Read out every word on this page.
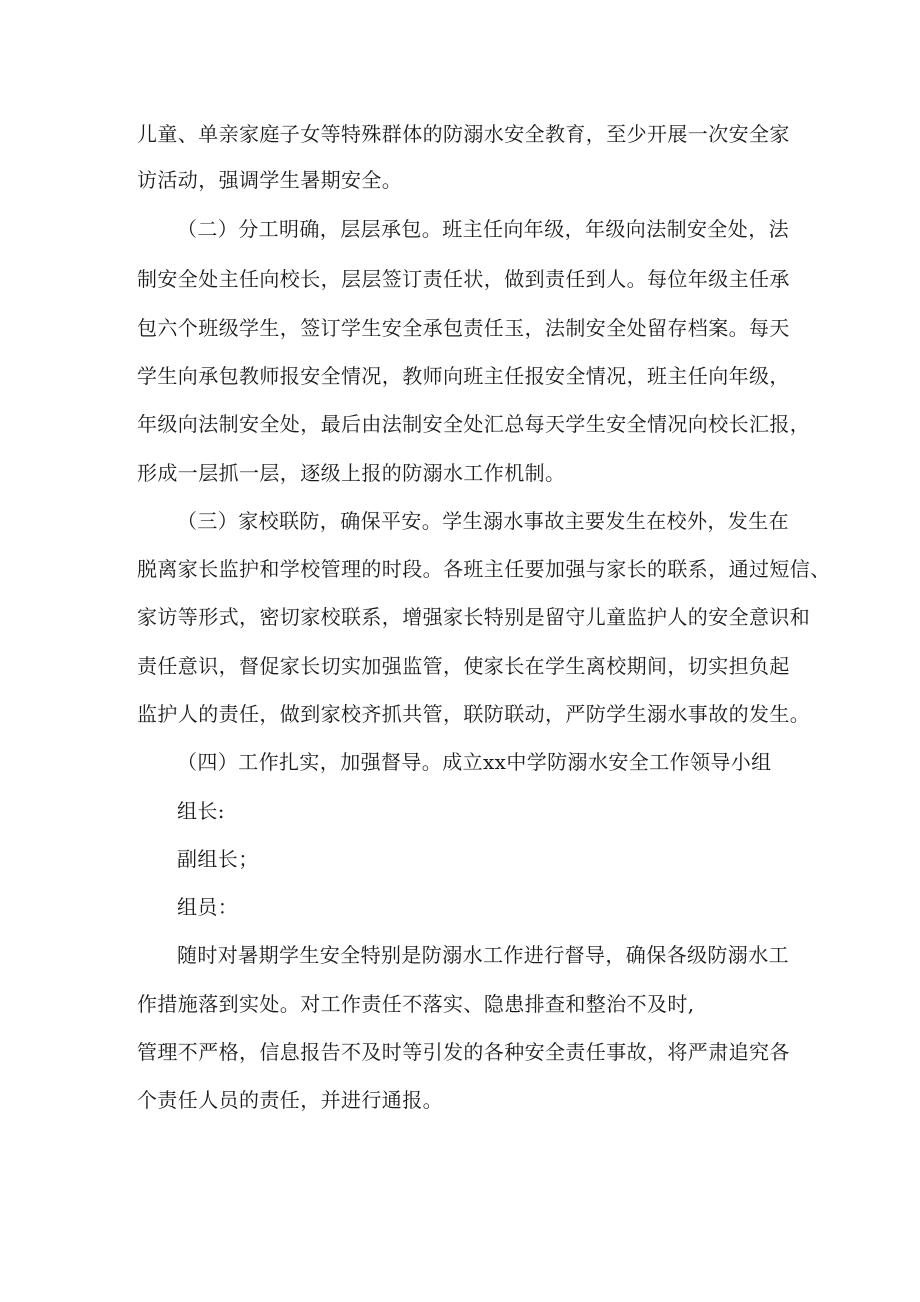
儿童、单亲家庭子女等特殊群体的防溺水安全教育，至少开展一次安全家
访活动，强调学生暑期安全。
（二）分工明确，层层承包。班主任向年级，年级向法制安全处，法
制安全处主任向校长，层层签订责任状，做到责任到人。每位年级主任承
包六个班级学生，签订学生安全承包责任玉，法制安全处留存档案。每天
学生向承包教师报安全情况，教师向班主任报安全情况，班主任向年级，
年级向法制安全处，最后由法制安全处汇总每天学生安全情况向校长汇报，
形成一层抓一层，逐级上报的防溺水工作机制。
（三）家校联防，确保平安。学生溺水事故主要发生在校外，发生在
脱离家长监护和学校管理的时段。各班主任要加强与家长的联系，通过短信、
家访等形式，密切家校联系，增强家长特别是留守儿童监护人的安全意识和
责任意识，督促家长切实加强监管，使家长在学生离校期间，切实担负起
监护人的责任，做到家校齐抓共管，联防联动，严防学生溺水事故的发生。
（四）工作扎实，加强督导。成立xx中学防溺水安全工作领导小组
组长:
副组长；
组员：
随时对暑期学生安全特别是防溺水工作进行督导，确保各级防溺水工
作措施落到实处。对工作责任不落实、隐患排查和整治不及时,
管理不严格，信息报告不及时等引发的各种安全责任事故，将严肃追究各
个责任人员的责任，并进行通报。
